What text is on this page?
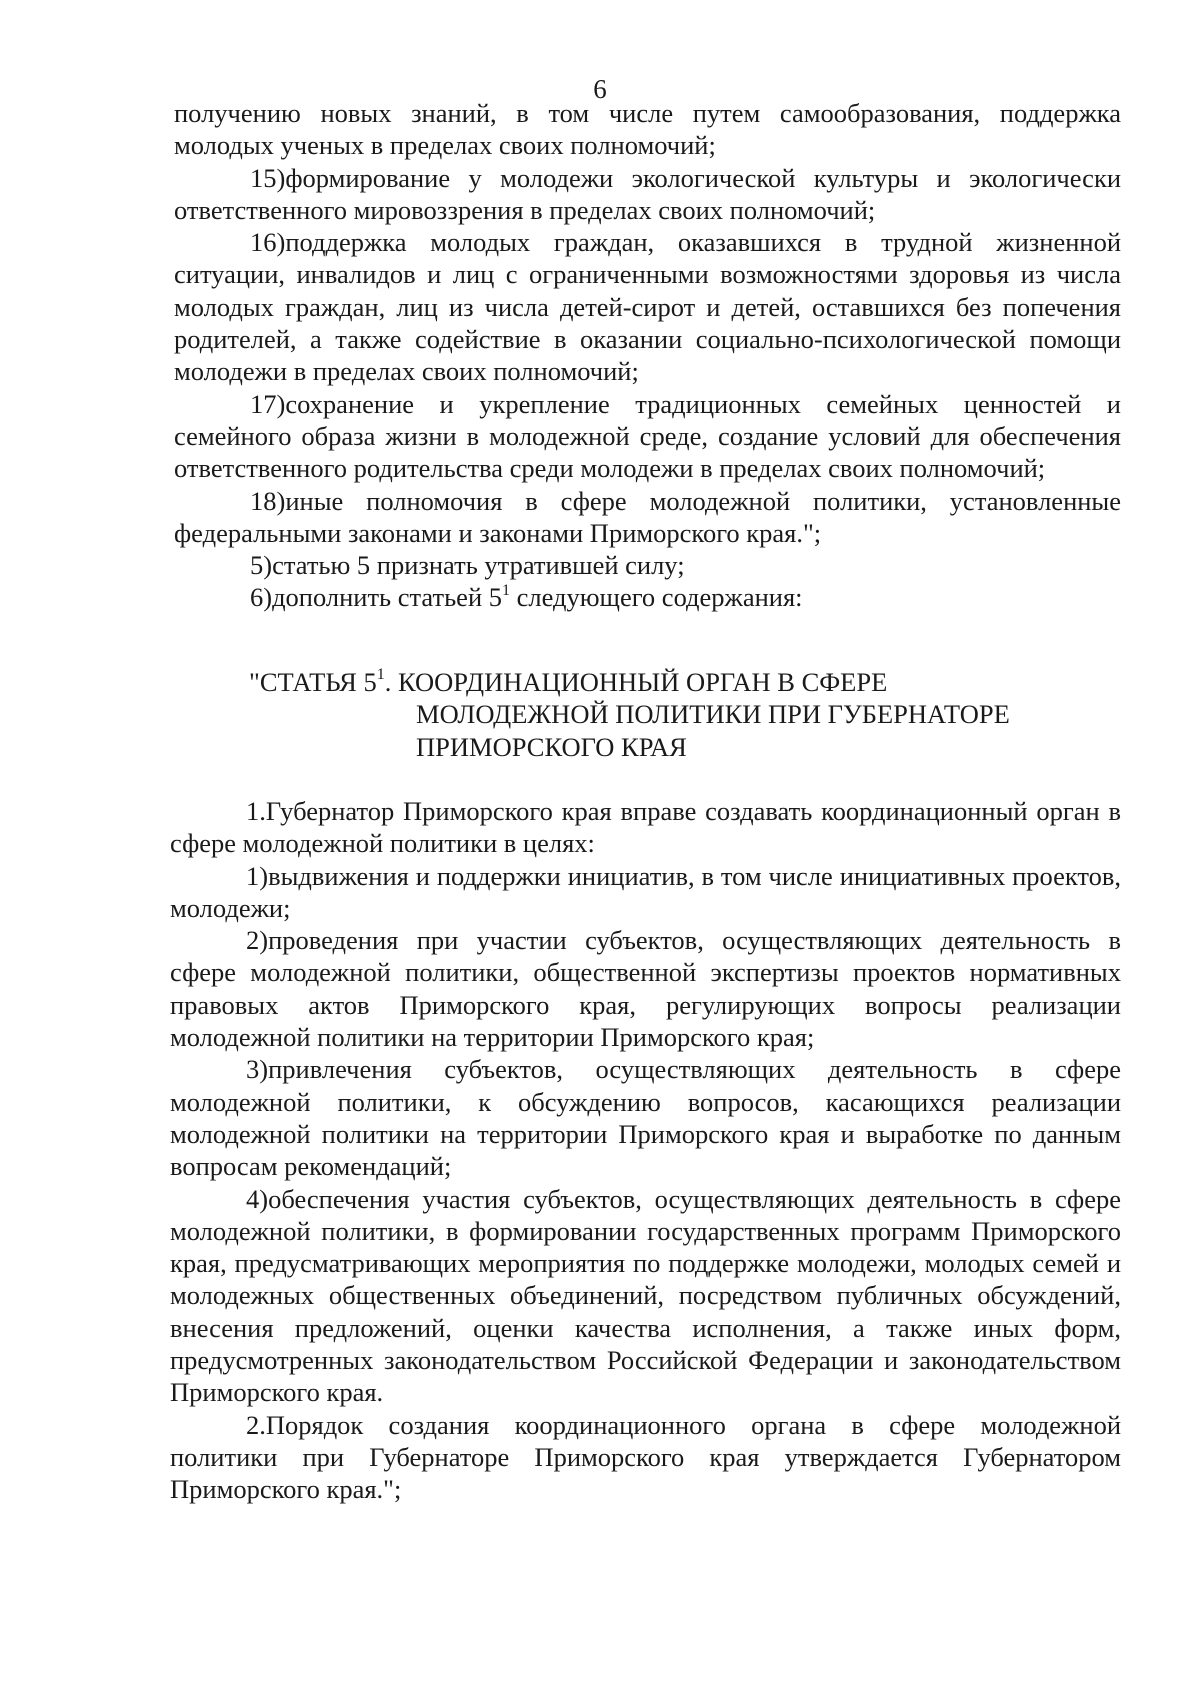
6

получению новых знаний, в том числе путем самообразования, поддержка молодых ученых в пределах своих полномочий;

15)формирование у молодежи экологической культуры и экологически ответственного мировоззрения в пределах своих полномочий;

16)поддержка молодых граждан, оказавшихся в трудной жизненной ситуации, инвалидов и лиц с ограниченными возможностями здоровья из числа молодых граждан, лиц из числа детей-сирот и детей, оставшихся без попечения родителей, а также содействие в оказании социально-психологической помощи молодежи в пределах своих полномочий;

17)сохранение и укрепление традиционных семейных ценностей и семейного образа жизни в молодежной среде, создание условий для обеспечения ответственного родительства среди молодежи в пределах своих полномочий;

18)иные полномочия в сфере молодежной политики, установленные федеральными законами и законами Приморского края.";

5)статью 5 признать утратившей силу;

6)дополнить статьей $5^1$ следующего содержания:

"СТАТЬЯ $5^1$. КООРДИНАЦИОННЫЙ ОРГАН В СФЕРЕ
МОЛОДЕЖНОЙ ПОЛИТИКИ ПРИ ГУБЕРНАТОРЕ
ПРИМОРСКОГО КРАЯ

1.Губернатор Приморского края вправе создавать координационный орган в сфере молодежной политики в целях:

1)выдвижения и поддержки инициатив, в том числе инициативных проектов, молодежи;

2)проведения при участии субъектов, осуществляющих деятельность в сфере молодежной политики, общественной экспертизы проектов нормативных правовых актов Приморского края, регулирующих вопросы реализации молодежной политики на территории Приморского края;

3)привлечения субъектов, осуществляющих деятельность в сфере молодежной политики, к обсуждению вопросов, касающихся реализации молодежной политики на территории Приморского края и выработке по данным вопросам рекомендаций;

4)обеспечения участия субъектов, осуществляющих деятельность в сфере молодежной политики, в формировании государственных программ Приморского края, предусматривающих мероприятия по поддержке молодежи, молодых семей и молодежных общественных объединений, посредством публичных обсуждений, внесения предложений, оценки качества исполнения, а также иных форм, предусмотренных законодательством Российской Федерации и законодательством Приморского края.

2.Порядок создания координационного органа в сфере молодежной политики при Губернаторе Приморского края утверждается Губернатором Приморского края.";
